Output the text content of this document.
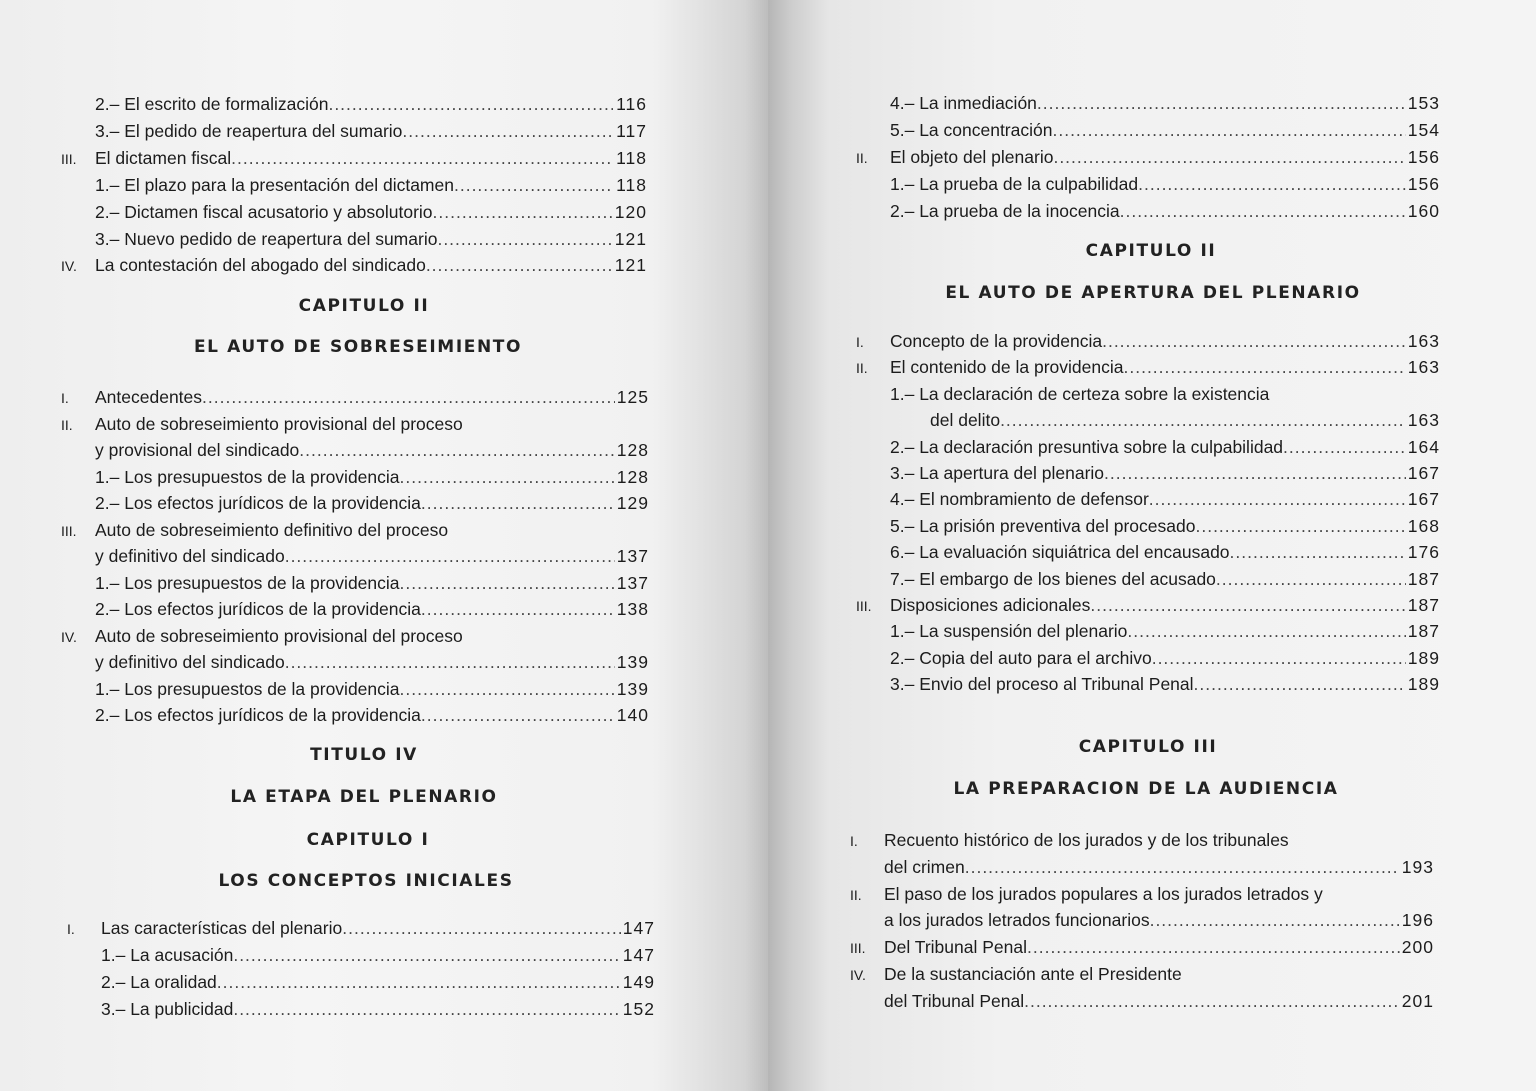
2.– El escrito de formalización .....	116
3.– El pedido de reapertura del sumario .....	117
III.	El dictamen fiscal .....	118
1.– El plazo para la presentación del dictamen .....	118
2.– Dictamen fiscal acusatorio y absolutorio .....	120
3.– Nuevo pedido de reapertura del sumario .....	121
IV.	La contestación del abogado del sindicado .....	121
CAPITULO II
EL AUTO DE SOBRESEIMIENTO
I.	Antecedentes .....	125
II. Auto de sobreseimiento provisional del proceso
y provisional del sindicado .....	128
1.– Los presupuestos de la providencia .....	128
2.– Los efectos jurídicos de la providencia .....	129
III. Auto de sobreseimiento definitivo del proceso
y definitivo del sindicado .....	137
1.– Los presupuestos de la providencia .....	137
2.– Los efectos jurídicos de la providencia .....	138
IV. Auto de sobreseimiento provisional del proceso
y definitivo del sindicado .....	139
1.– Los presupuestos de la providencia .....	139
2.– Los efectos jurídicos de la providencia .....	140
TITULO IV
LA ETAPA DEL PLENARIO
CAPITULO I
LOS CONCEPTOS INICIALES
I.	Las características del plenario .....	147
1.– La acusación .....	147
2.– La oralidad .....	149
3.– La publicidad .....	152
4.– La inmediación .....	153
5.– La concentración .....	154
II.	El objeto del plenario .....	156
1.– La prueba de la culpabilidad .....	156
2.– La prueba de la inocencia .....	160
CAPITULO II
EL AUTO DE APERTURA DEL PLENARIO
I.	Concepto de la providencia .....	163
II.	El contenido de la providencia .....	163
1.– La declaración de certeza sobre la existencia
del delito .....	163
2.– La declaración presuntiva sobre la culpabilidad .....	164
3.– La apertura del plenario .....	167
4.– El nombramiento de defensor .....	167
5.– La prisión preventiva del procesado .....	168
6.– La evaluación siquiátrica del encausado .....	176
7.– El embargo de los bienes del acusado .....	187
III.	Disposiciones adicionales .....	187
1.– La suspensión del plenario .....	187
2.– Copia del auto para el archivo .....	189
3.– Envio del proceso al Tribunal Penal .....	189
CAPITULO III
LA PREPARACION DE LA AUDIENCIA
I. Recuento histórico de los jurados y de los tribunales
del crimen .....	193
II. El paso de los jurados populares a los jurados letrados y
a los jurados letrados funcionarios .....	196
III.	Del Tribunal Penal .....	200
IV. De la sustanciación ante el Presidente
del Tribunal Penal .....	201
